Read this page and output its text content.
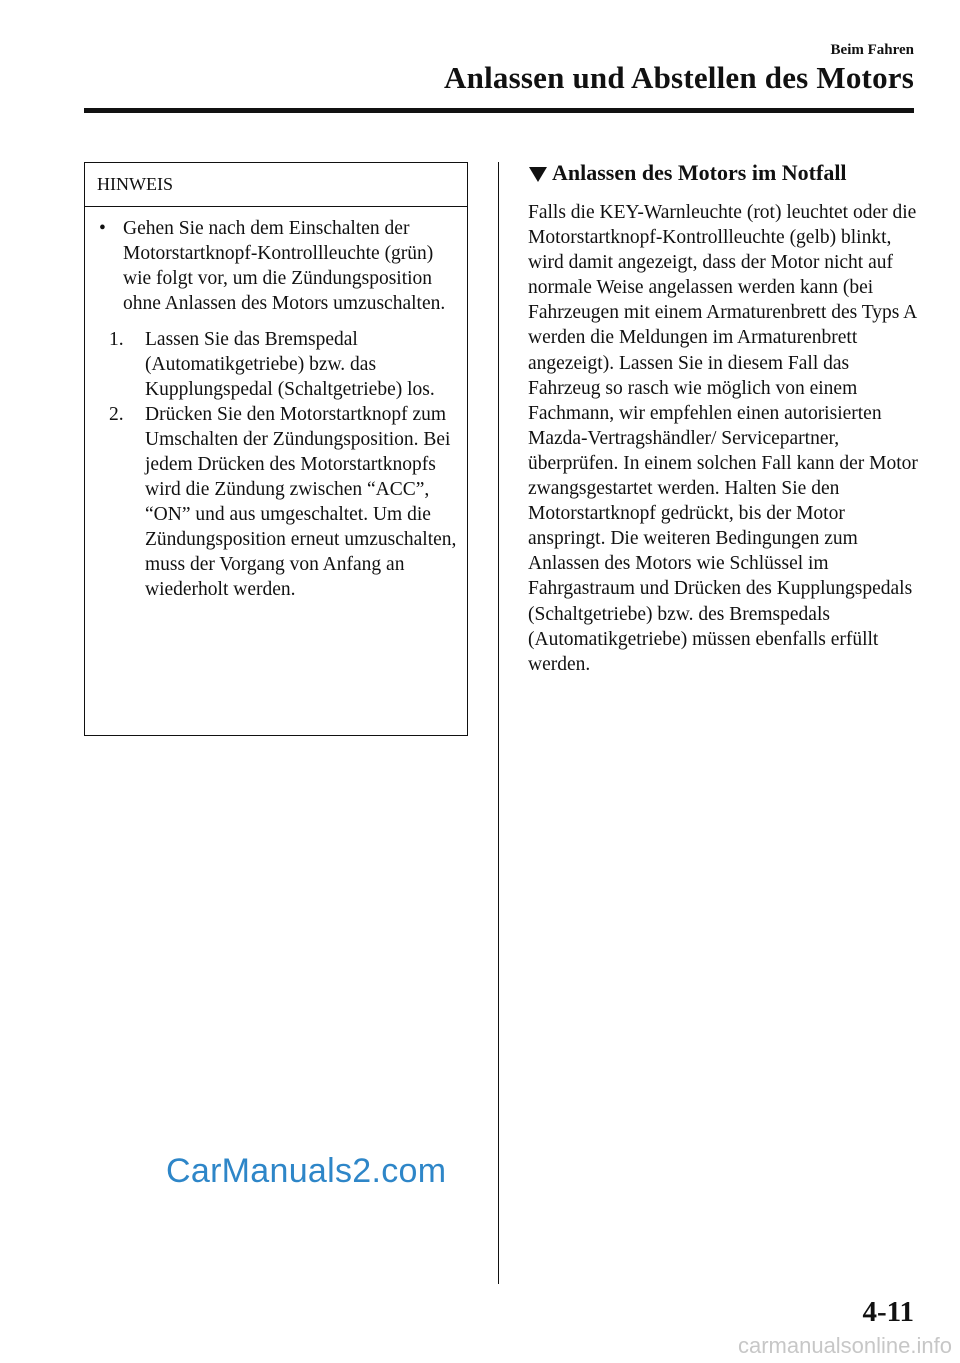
Beim Fahren
Anlassen und Abstellen des Motors
HINWEIS
• Gehen Sie nach dem Einschalten der Motorstartknopf-Kontrollleuchte (grün) wie folgt vor, um die Zündungsposition ohne Anlassen des Motors umzuschalten.
1.	Lassen Sie das Bremspedal (Automatikgetriebe) bzw. das Kupplungspedal (Schaltgetriebe) los.
2.	Drücken Sie den Motorstartknopf zum Umschalten der Zündungsposition. Bei jedem Drücken des Motorstartknopfs wird die Zündung zwischen “ACC”, “ON” und aus umgeschaltet. Um die Zündungsposition erneut umzuschalten, muss der Vorgang von Anfang an wiederholt werden.
Anlassen des Motors im Notfall
Falls die KEY-Warnleuchte (rot) leuchtet oder die Motorstartknopf-Kontrollleuchte (gelb) blinkt, wird damit angezeigt, dass der Motor nicht auf normale Weise angelassen werden kann (bei Fahrzeugen mit einem Armaturenbrett des Typs A werden die Meldungen im Armaturenbrett angezeigt). Lassen Sie in diesem Fall das Fahrzeug so rasch wie möglich von einem Fachmann, wir empfehlen einen autorisierten Mazda-Vertragshändler/ Servicepartner, überprüfen. In einem solchen Fall kann der Motor zwangsgestartet werden. Halten Sie den Motorstartknopf gedrückt, bis der Motor anspringt. Die weiteren Bedingungen zum Anlassen des Motors wie Schlüssel im Fahrgastraum und Drücken des Kupplungspedals (Schaltgetriebe) bzw. des Bremspedals (Automatikgetriebe) müssen ebenfalls erfüllt werden.
CarManuals2.com
4-11
carmanualsonline.info
